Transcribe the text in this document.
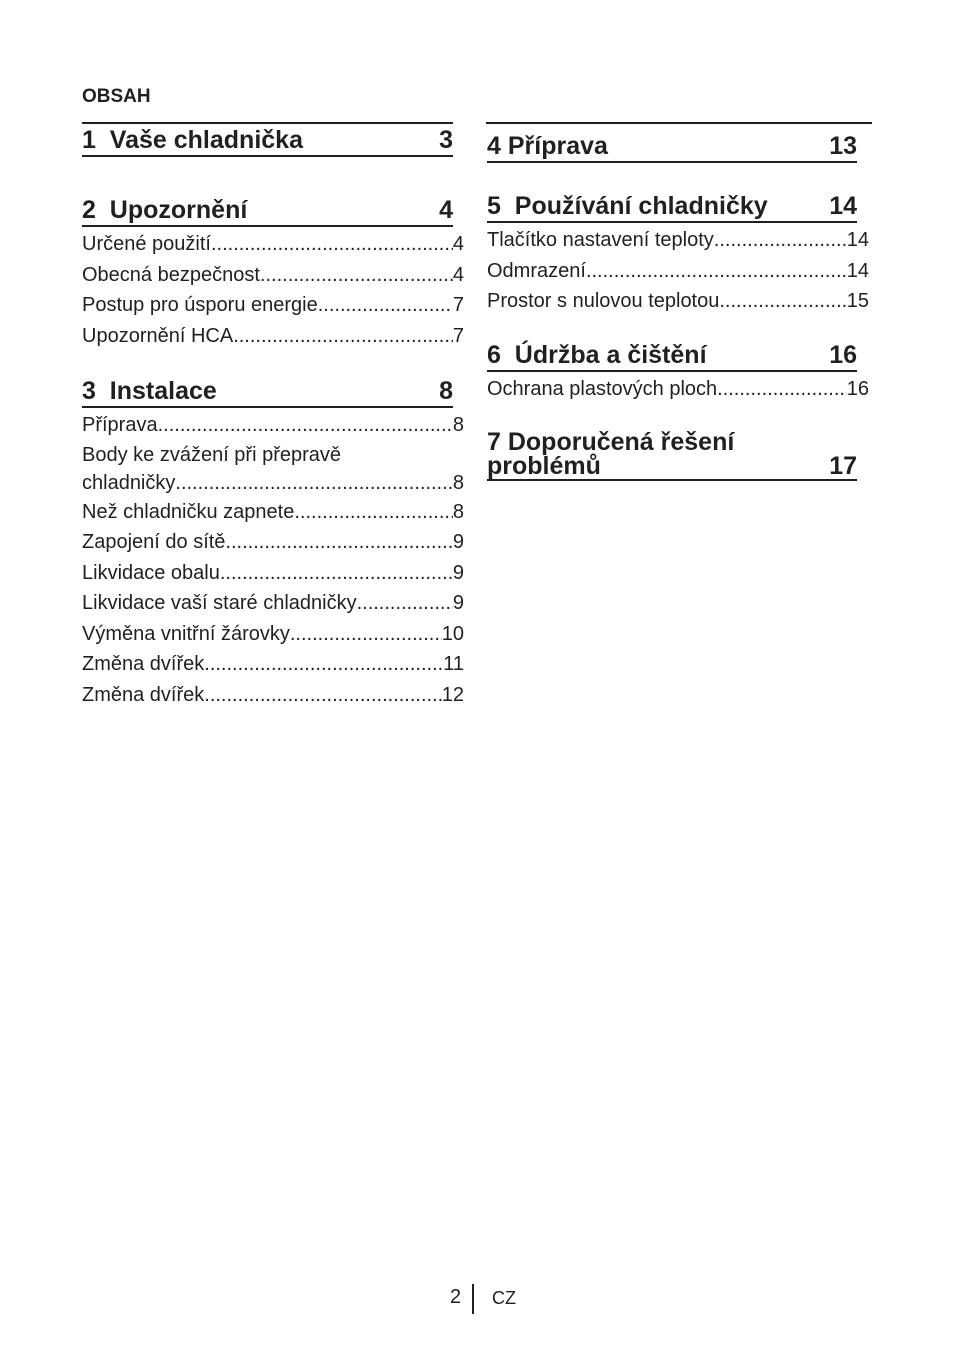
OBSAH
1  Vaše chladnička	3
2  Upozornění	4
Určené použití .....	4
Obecná bezpečnost .....	4
Postup pro úsporu energie .....	7
Upozornění HCA .....	7
3  Instalace	8
Příprava .....	8
Body ke zvážení při přepravě
chladničky .....	8
Než chladničku zapnete .....	8
Zapojení do sítě .....	9
Likvidace obalu .....	9
Likvidace vaší staré chladničky .....	9
Výměna vnitřní žárovky .....	10
Změna dvířek .....	11
Změna dvířek .....	12
4 Příprava	13
5  Používání chladničky 14
Tlačítko nastavení teploty .....	14
Odmrazení .....	14
Prostor s nulovou teplotou .....	15
6  Údržba a čištění	16
Ochrana plastových ploch .....	16
7 Doporučená řešení
problémů	17
2 CZ
